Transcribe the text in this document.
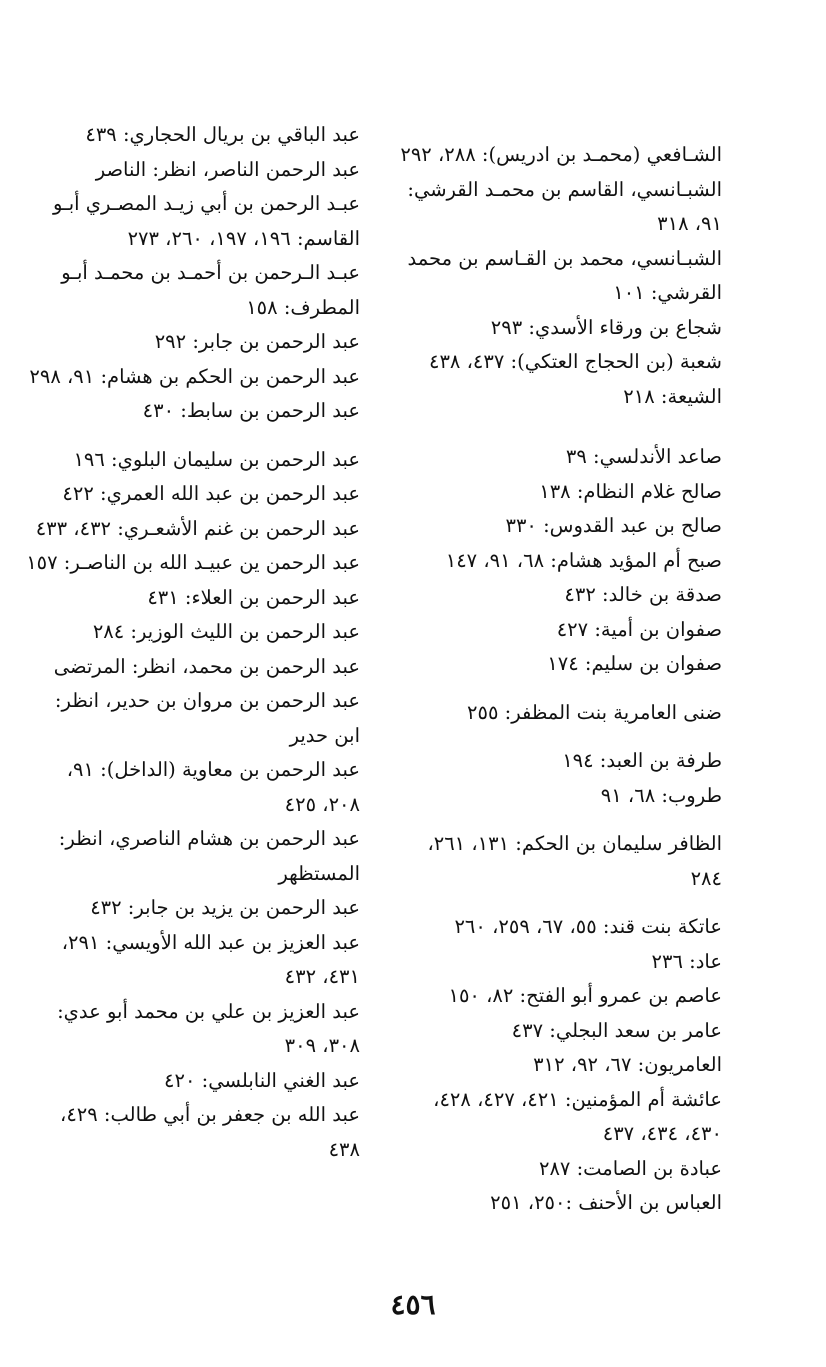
الشـافعي (محمـد بن ادريس): ٢٨٨، ٢٩٢

الشبـانسي، القاسم بن محمـد القرشي: ٩١، ٣١٨

الشبـانسي، محمد بن القـاسم بن محمد القرشي: ١٠١

شجاع بن ورقاء الأسدي: ٢٩٣

شعبة (بن الحجاج العتكي): ٤٣٧، ٤٣٨

الشيعة: ٢١٨

صاعد الأندلسي: ٣٩

صالح غلام النظام: ١٣٨

صالح بن عبد القدوس: ٣٣٠

صبح أم المؤيد هشام: ٦٨، ٩١، ١٤٧

صدقة بن خالد: ٤٣٢

صفوان بن أمية: ٤٢٧

صفوان بن سليم: ١٧٤

ضنى العامرية بنت المظفر: ٢٥٥

طرفة بن العبد: ١٩٤

طروب: ٦٨، ٩١

الظافر سليمان بن الحكم: ١٣١، ٢٦١، ٢٨٤

عاتكة بنت قند: ٥٥، ٦٧، ٢٥٩، ٢٦٠

عاد: ٢٣٦

عاصم بن عمرو أبو الفتح: ٨٢، ١٥٠

عامر بن سعد البجلي: ٤٣٧

العامريون: ٦٧، ٩٢، ٣١٢

عائشة أم المؤمنين: ٤٢١، ٤٢٧، ٤٢٨، ٤٣٠، ٤٣٤، ٤٣٧

عبادة بن الصامت: ٢٨٧

العباس بن الأحنف :٢٥٠، ٢٥١

عبد الباقي بن بريال الحجاري: ٤٣٩

عبد الرحمن الناصر، انظر: الناصر

عبـد الرحمن بن أبي زيـد المصـري أبـو القاسم: ١٩٦، ١٩٧، ٢٦٠، ٢٧٣

عبـد الـرحمن بن أحمـد بن محمـد أبـو المطرف: ١٥٨

عبد الرحمن بن جابر: ٢٩٢

عبد الرحمن بن الحكم بن هشام: ٩١، ٢٩٨

عبد الرحمن بن سابط: ٤٣٠

عبد الرحمن بن سليمان البلوي: ١٩٦

عبد الرحمن بن عبد الله العمري: ٤٢٢

عبد الرحمن بن غنم الأشعـري: ٤٣٢، ٤٣٣

عبد الرحمن ين عبيـد الله بن الناصـر: ١٥٧

عبد الرحمن بن العلاء: ٤٣١

عبد الرحمن بن الليث الوزير: ٢٨٤

عبد الرحمن بن محمد، انظر: المرتضى

عبد الرحمن بن مروان بن حدير، انظر: ابن حدير

عبد الرحمن بن معاوية (الداخل): ٩١، ٢٠٨، ٤٢٥

عبد الرحمن بن هشام الناصري، انظر: المستظهر

عبد الرحمن بن يزيد بن جابر: ٤٣٢

عبد العزيز بن عبد الله الأويسي: ٢٩١، ٤٣١، ٤٣٢

عبد العزيز بن علي بن محمد أبو عدي: ٣٠٨، ٣٠٩

عبد الغني النابلسي: ٤٢٠

عبد الله بن جعفر بن أبي طالب: ٤٢٩، ٤٣٨

٤٥٦
